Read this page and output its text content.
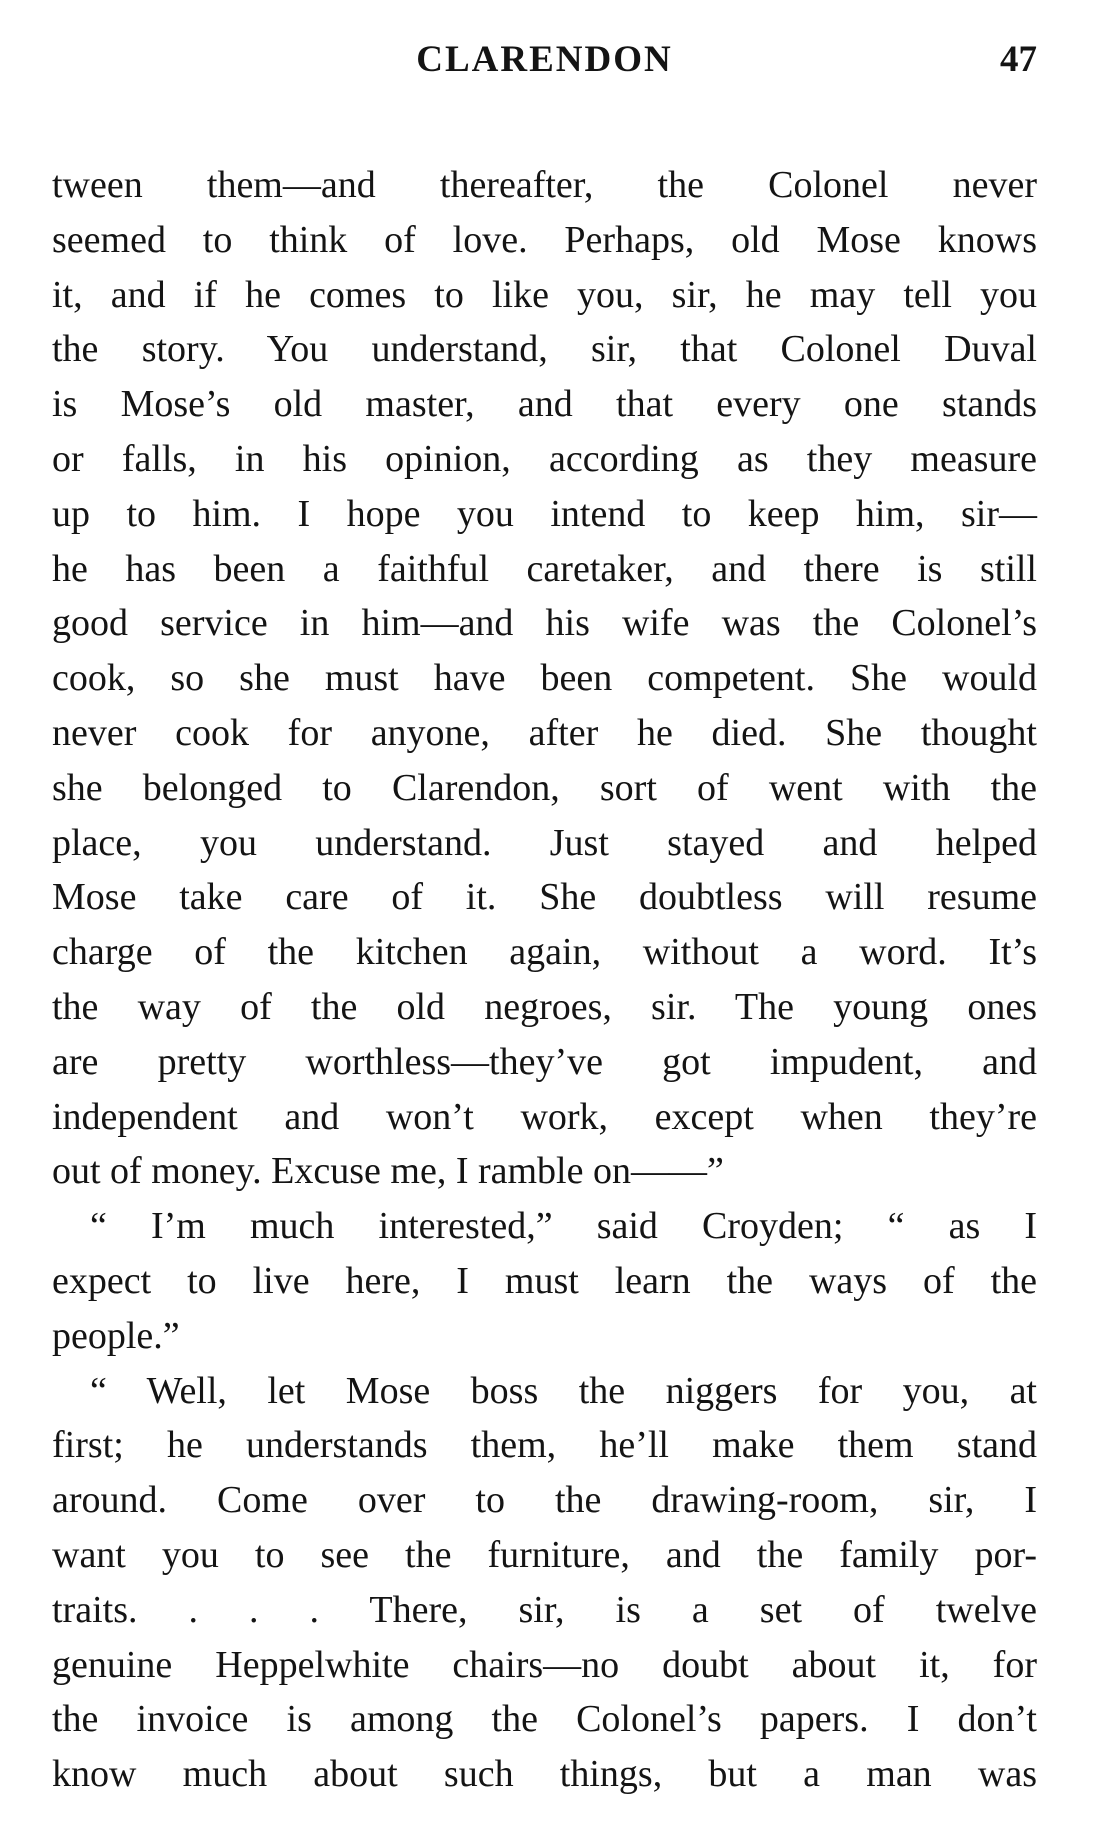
CLARENDON	47
tween them—and thereafter, the Colonel never
seemed to think of love. Perhaps, old Mose knows
it, and if he comes to like you, sir, he may tell you
the story. You understand, sir, that Colonel Duval
is Mose’s old master, and that every one stands
or falls, in his opinion, according as they measure
up to him. I hope you intend to keep him, sir—
he has been a faithful caretaker, and there is still
good service in him—and his wife was the Colonel’s
cook, so she must have been competent. She would
never cook for anyone, after he died. She thought
she belonged to Clarendon, sort of went with the
place, you understand. Just stayed and helped
Mose take care of it. She doubtless will resume
charge of the kitchen again, without a word. It’s
the way of the old negroes, sir. The young ones
are pretty worthless—they’ve got impudent, and
independent and won’t work, except when they’re
out of money. Excuse me, I ramble on——”
“ I’m much interested,” said Croyden; “ as I
expect to live here, I must learn the ways of the
people.”
“ Well, let Mose boss the niggers for you, at
first; he understands them, he’ll make them stand
around. Come over to the drawing-room, sir, I
want you to see the furniture, and the family por-
traits. . . . There, sir, is a set of twelve
genuine Heppelwhite chairs—no doubt about it, for
the invoice is among the Colonel’s papers. I don’t
know much about such things, but a man was
